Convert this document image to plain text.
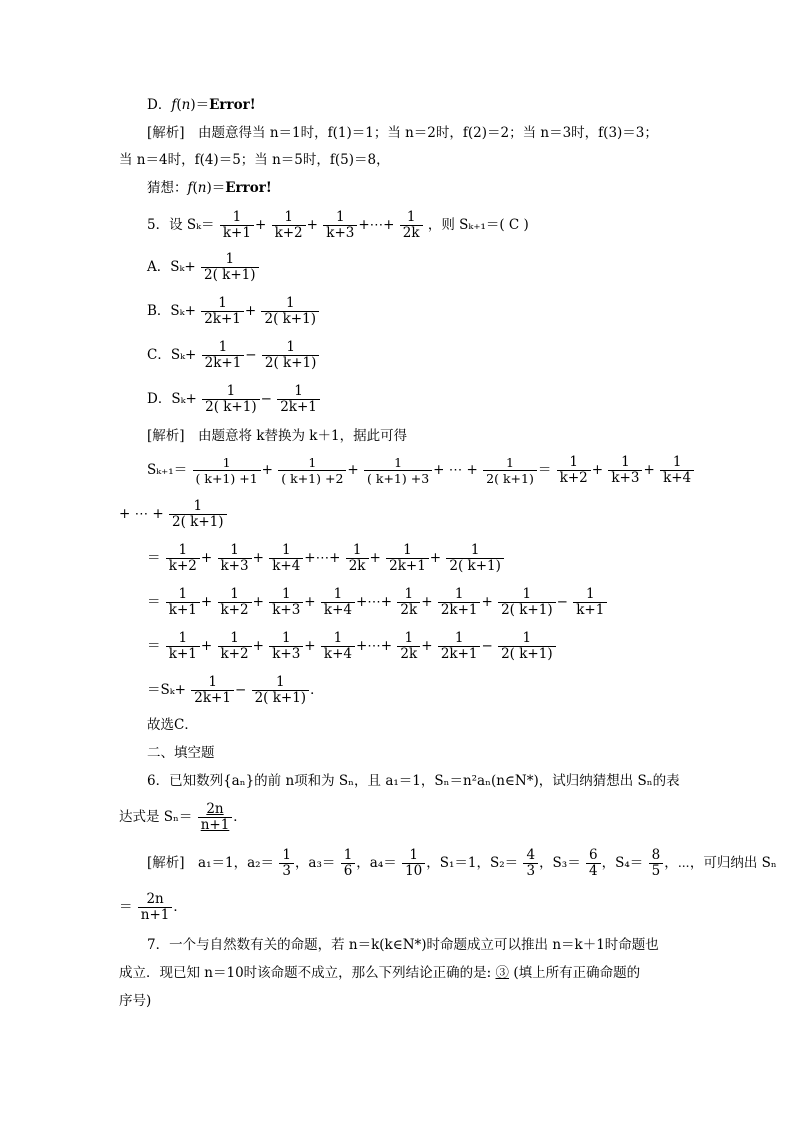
D．f(n)＝Error!
[解析]　由题意得当 n＝1时，f(1)＝1；当 n＝2时，f(2)＝2；当 n＝3时，f(3)＝3；
当 n＝4时，f(4)＝5；当 n＝5时，f(5)＝8，
猜想：f(n)＝Error!
5．设 $S_k= \frac{1}{k+1} + \frac{1}{k+2} + \frac{1}{k+3}$ +⋯+ $\frac{1}{2k}$ ，则 Sₖ₊₁＝( C )
A．$S_k+ \frac{1}{2( k+1)}$
B．$S_k+ \frac{1}{2k+1} + \frac{1}{2( k+1)}$
C．$S_k+ \frac{1}{2k+1} - \frac{1}{2( k+1)}$
D．$S_k+ \frac{1}{2( k+1)} - \frac{1}{2k+1}$
[解析]　由题意将 k替换为 k＋1，据此可得
$S_{k+1}= \frac{1}{( k+1) +1} + \frac{1}{( k+1) +2} + \frac{1}{( k+1) +3}$ + ⋯ + $\frac{1}{2( k+1)} = \frac{1}{k+2} + \frac{1}{k+3} + \frac{1}{k+4}$
+ ⋯ + $\frac{1}{2( k+1)}$
＝ $\frac{1}{k+2} + \frac{1}{k+3} + \frac{1}{k+4}$ +⋯+ $\frac{1}{2k} + \frac{1}{2k+1} + \frac{1}{2( k+1)}$
＝ $\frac{1}{k+1} + \frac{1}{k+2} + \frac{1}{k+3} + \frac{1}{k+4}$ +⋯+ $\frac{1}{2k} + \frac{1}{2k+1} + \frac{1}{2( k+1)} - \frac{1}{k+1}$
＝ $\frac{1}{k+1} + \frac{1}{k+2} + \frac{1}{k+3} + \frac{1}{k+4}$ +⋯+ $\frac{1}{2k} + \frac{1}{2k+1} - \frac{1}{2( k+1)}$
$=S_k+ \frac{1}{2k+1} - \frac{1}{2( k+1)}$ ．
故选C．
二、填空题
6．已知数列{aₙ}的前 n项和为 Sₙ，且 a₁＝1，Sₙ＝n²aₙ(n∈N*)，试归纳猜想出 Sₙ的表
达式是 $S_n= \frac{2n}{n+1}$ ．
[解析]　a₁＝1，$a_2= \frac{1}{3}$ ，$a_3= \frac{1}{6}$ ，$a_4= \frac{1}{10}$ ，S₁＝1，$S_2= \frac{4}{3}$ ，$S_3= \frac{6}{4}$ ，$S_4= \frac{8}{5}$ ，⋯，可归纳出 Sₙ
＝ $\frac{2n}{n+1}$ ．
7．一个与自然数有关的命题，若 n＝k(k∈N*)时命题成立可以推出 n＝k＋1时命题也
成立．现已知 n＝10时该命题不成立，那么下列结论正确的是: ③ (填上所有正确命题的
序号)
